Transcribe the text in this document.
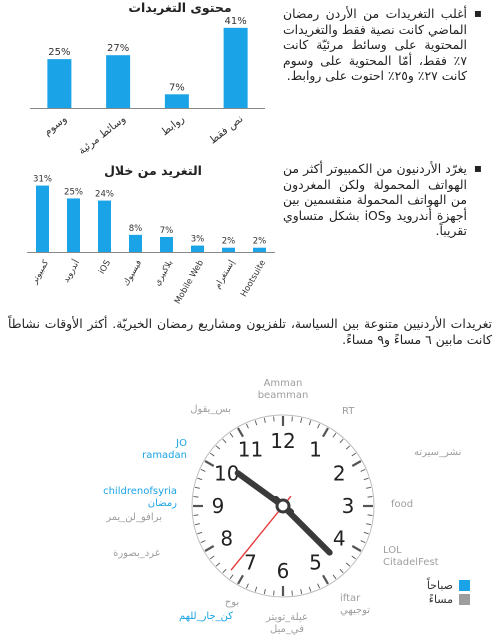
▪ أغلب التغريدات من الأردن رمضان الماضي كانت نصية فقط والتغريدات المحتوية على وسائط مرئيّة كانت ٧٪ فقط، أمّا المحتوية على وسوم كانت ٢٧٪ و٢٥٪ احتوت على روابط.
▪ يغرّد الأردنيون من الكمبيوتر أكثر من الهواتف المحمولة ولكن المغردون من الهواتف المحمولة منقسمين بين أجهزة أندرويد وiOS بشكل متساوي تقريباً.
تغريدات الأردنيين متنوعة بين السياسة، تلفزيون ومشاريع رمضان الخيريّة. أكثر الأوقات نشاطاً كانت مابين ٦ مساءً و٩ مساءً.
محتوى التغريدات
التغريد من خلال
25%
وسوم
27%
وسائط مرئية
7%
روابط
41%
نص فقط
31%
كمبيوتر
25%
أندرويد
24%
iOS
8%
فيسبوك
7%
بلاكبيري
3%
Mobile Web
2%
إنستغرام
2%
Hootsuite
12 1
2
3
4
5
6
7
8
9
10
11
Amman beamman
RT
نشر_سيرته
food
LOL CitadelFest
iftar توجيهي
عيلة_تويتر في_ميل
بوح
كن_جار_للهم
غرد_بصورة
برافو_لن_يمر
childrenofsyria رمضان
JO ramadan
بس_يقول
صباحاً
مساءً
